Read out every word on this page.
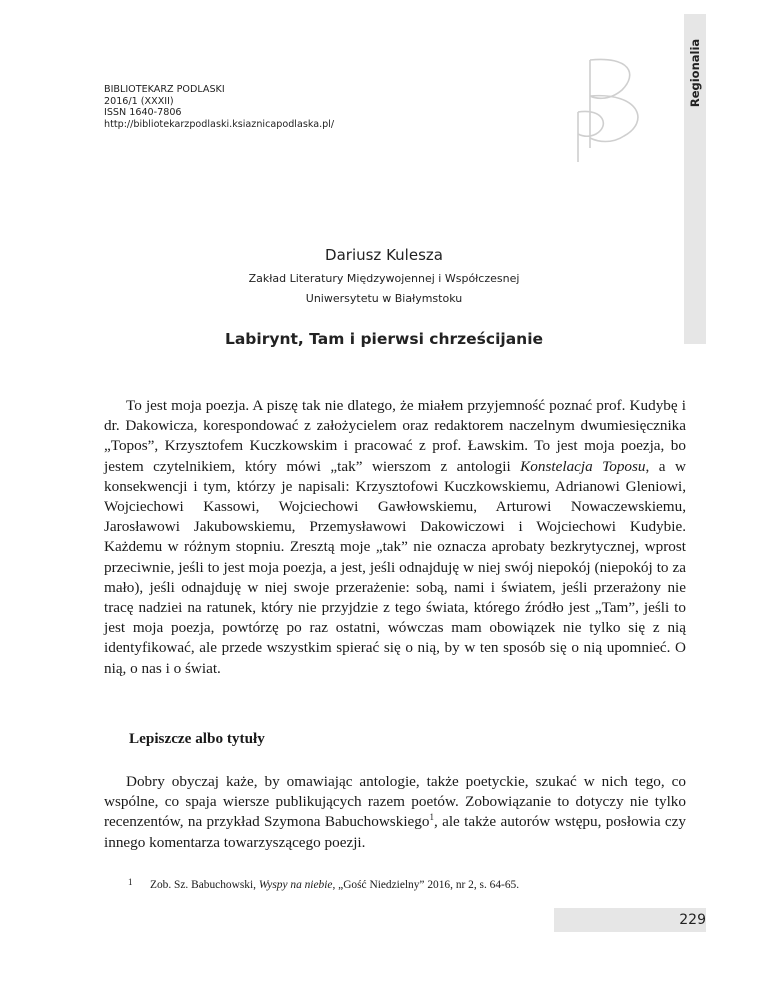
Regionalia
BIBLIOTEKARZ PODLASKI
2016/1 (XXXII)
ISSN 1640-7806
http://bibliotekarzpodlaski.ksiaznicapodlaska.pl/
Dariusz Kulesza
Zakład Literatury Międzywojennej i Współczesnej
Uniwersytetu w Białymstoku
Labirynt, Tam i pierwsi chrześcijanie

To jest moja poezja. A piszę tak nie dlatego, że miałem przyjemność poznać prof. Kudybę i dr. Dakowicza, korespondować z założycielem oraz redaktorem naczelnym dwumiesięcznika „Topos”, Krzysztofem Kuczkowskim i pracować z prof. Ławskim. To jest moja poezja, bo jestem czytelnikiem, który mówi „tak” wierszom z antologii Konstelacja Toposu, a w konsekwencji i tym, którzy je napisali: Krzysztofowi Kuczkowskiemu, Adrianowi Gleniowi, Wojciechowi Kassowi, Wojciechowi Gawłowskiemu, Arturowi Nowaczewskiemu, Jarosławowi Jakubowskiemu, Przemysławowi Dakowiczowi i Wojciechowi Kudybie. Każdemu w różnym stopniu. Zresztą moje „tak” nie oznacza aprobaty bezkrytycznej, wprost przeciwnie, jeśli to jest moja poezja, a jest, jeśli odnajduję w niej swój niepokój (niepokój to za mało), jeśli odnajduję w niej swoje przerażenie: sobą, nami i światem, jeśli przerażony nie tracę nadziei na ratunek, który nie przyjdzie z tego świata, którego źródło jest „Tam”, jeśli to jest moja poezja, powtórzę po raz ostatni, wówczas mam obowiązek nie tylko się z nią identyfikować, ale przede wszystkim spierać się o nią, by w ten sposób się o nią upomnieć. O nią, o nas i o świat.

Lepiszcze albo tytuły

Dobry obyczaj każe, by omawiając antologie, także poetyckie, szukać w nich tego, co wspólne, co spaja wiersze publikujących razem poetów. Zobowiązanie to dotyczy nie tylko recenzentów, na przykład Szymona Babuchowskiego$^1$, ale także autorów wstępu, posłowia czy innego komentarza towarzyszącego poezji.

1 Zob. Sz. Babuchowski, Wyspy na niebie, „Gość Niedzielny” 2016, nr 2, s. 64-65.
229
